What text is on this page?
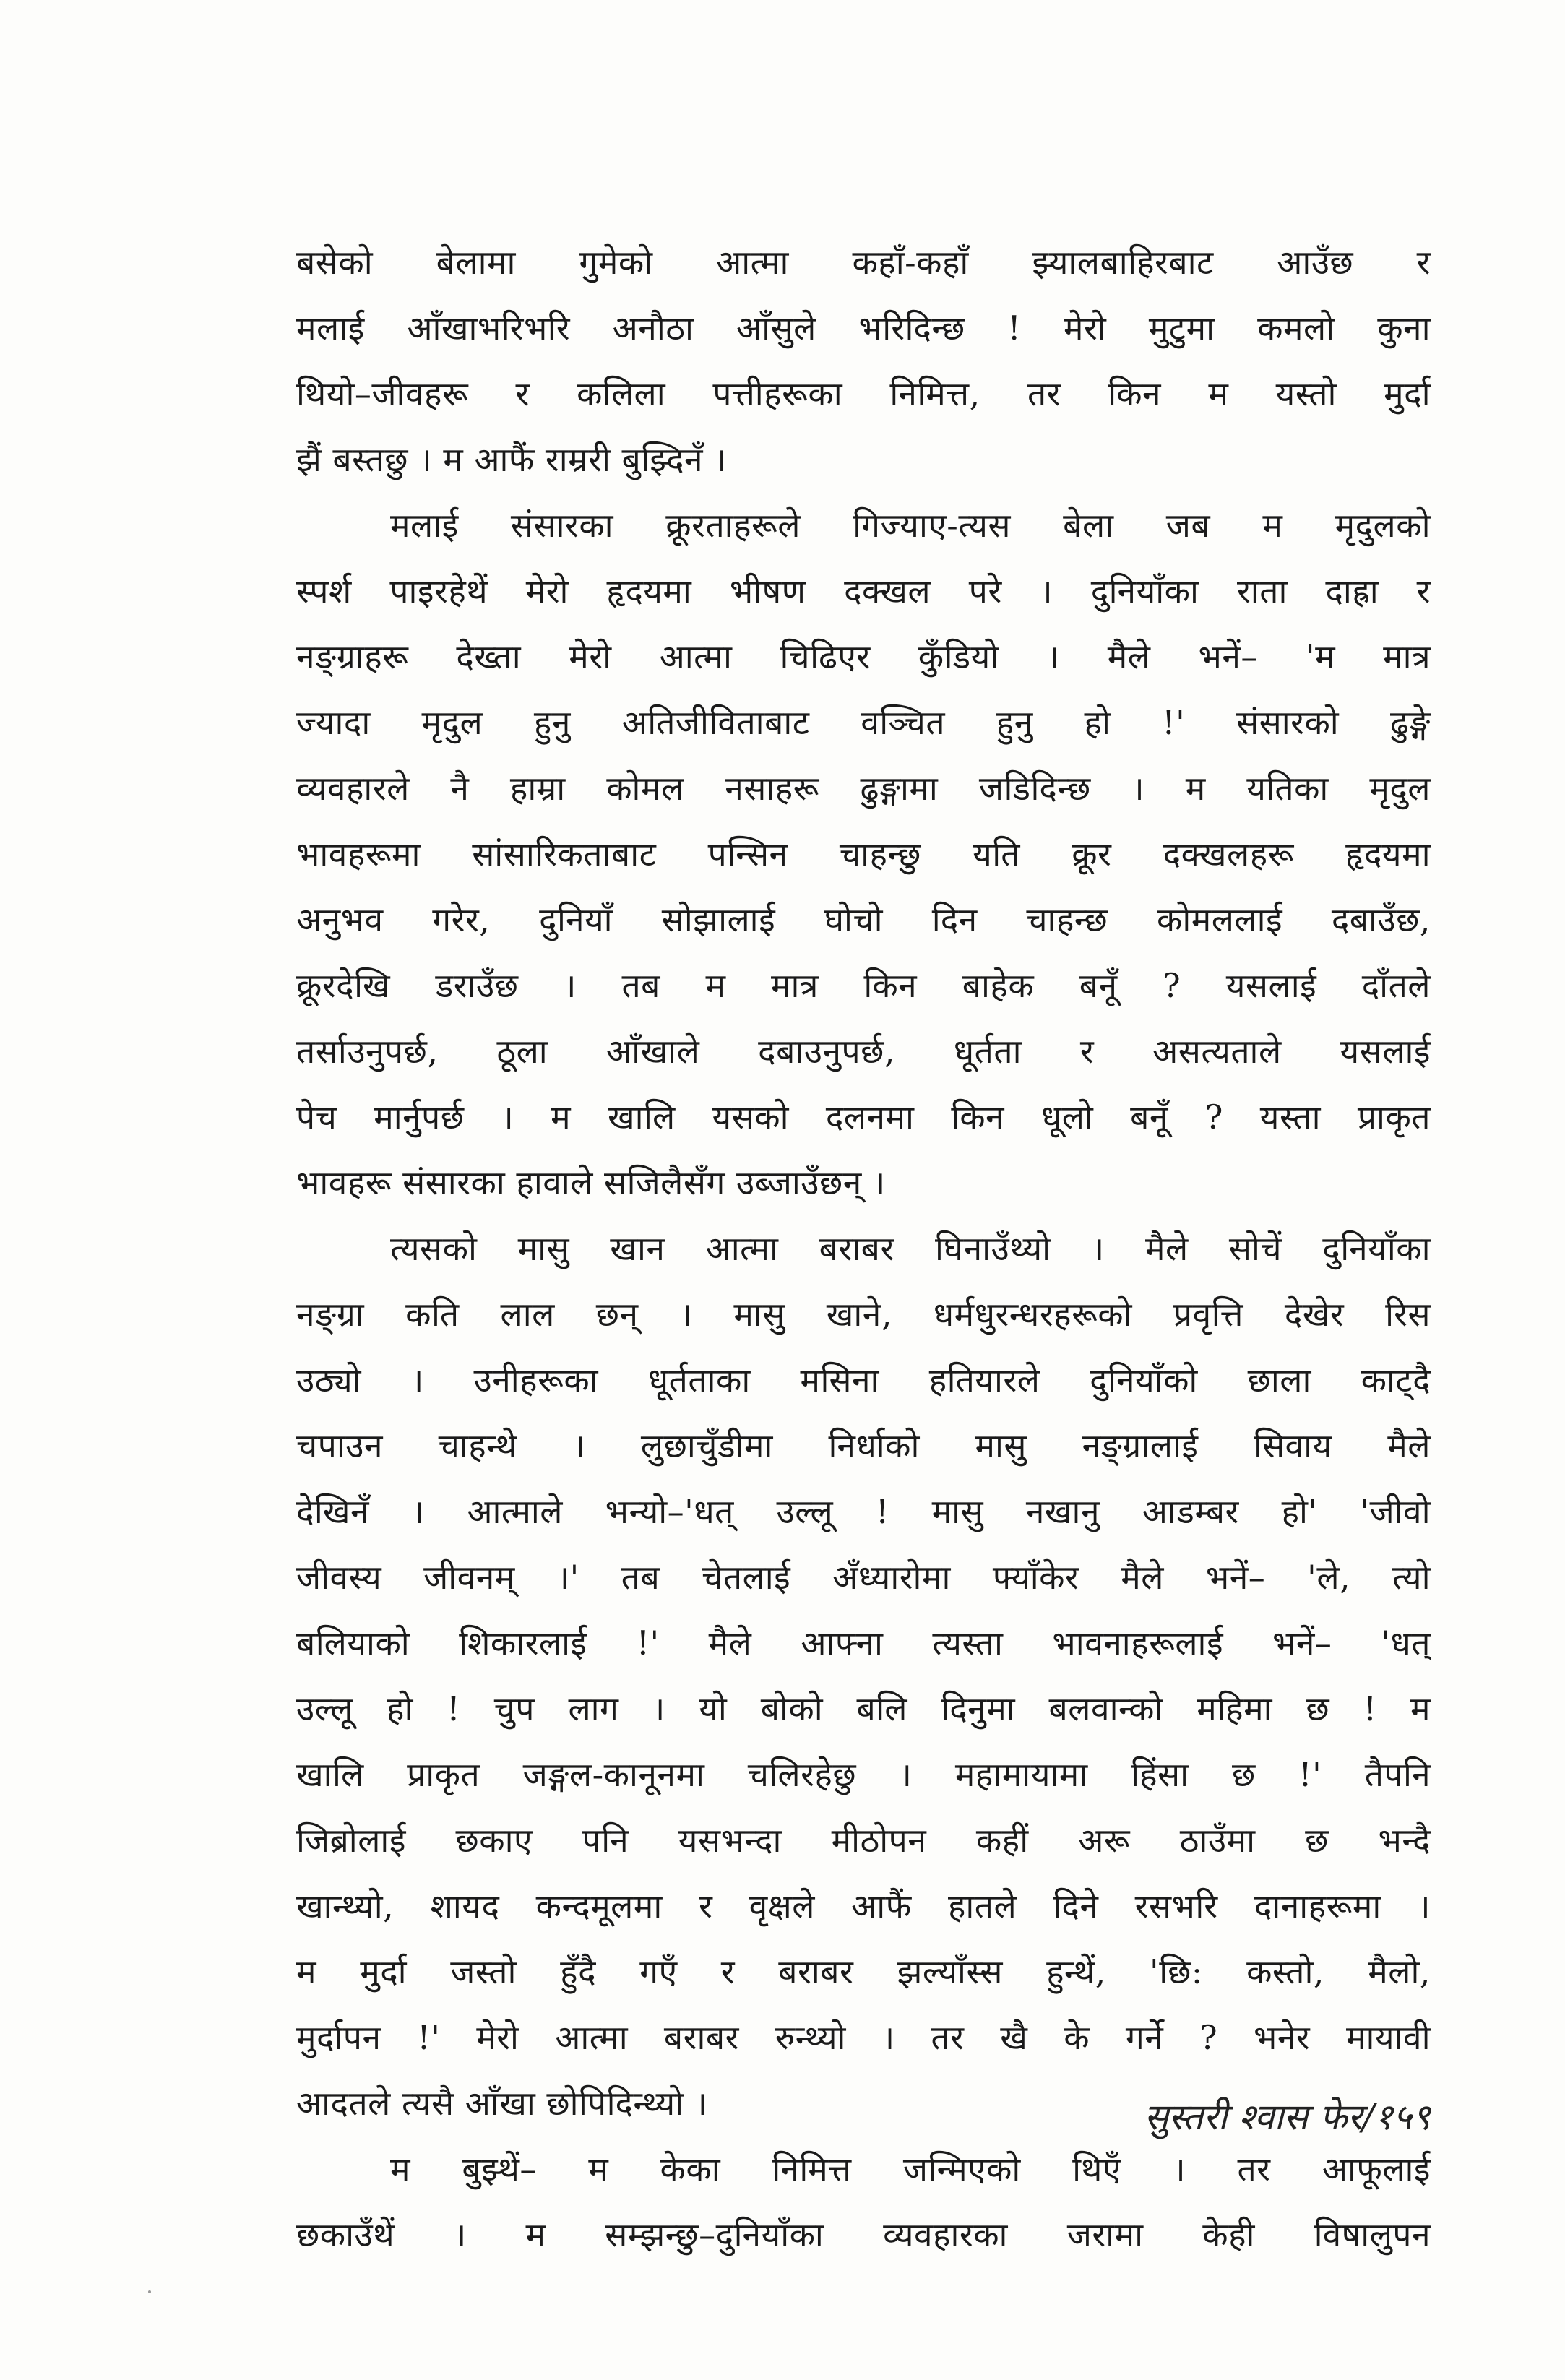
बसेको बेलामा गुमेको आत्मा कहाँ-कहाँ झ्यालबाहिरबाट आउँछ र
मलाई आँखाभरिभरि अनौठा आँसुले भरिदिन्छ ! मेरो मुटुमा कमलो कुना
थियो–जीवहरू र कलिला पत्तीहरूका निमित्त, तर किन म यस्तो मुर्दा
झैं बस्तछु । म आफैं राम्ररी बुझ्दिनँ ।
मलाई संसारका क्रूरताहरूले गिज्याए-त्यस बेला जब म मृदुलको
स्पर्श पाइरहेथें मेरो हृदयमा भीषण दक्खल परे । दुनियाँका राता दाह्रा र
नङ्ग्राहरू देख्ता मेरो आत्मा चिढिएर कुँडियो । मैले भनें– 'म मात्र
ज्यादा मृदुल हुनु अतिजीविताबाट वञ्चित हुनु हो !' संसारको ढुङ्गे
व्यवहारले नै हाम्रा कोमल नसाहरू ढुङ्गामा जडिदिन्छ । म यतिका मृदुल
भावहरूमा सांसारिकताबाट पन्सिन चाहन्छु यति क्रूर दक्खलहरू हृदयमा
अनुभव गरेर, दुनियाँ सोझालाई घोचो दिन चाहन्छ कोमललाई दबाउँछ,
क्रूरदेखि डराउँछ । तब म मात्र किन बाहेक बनूँ ? यसलाई दाँतले
तर्साउनुपर्छ, ठूला आँखाले दबाउनुपर्छ, धूर्तता र असत्यताले यसलाई
पेच मार्नुपर्छ । म खालि यसको दलनमा किन धूलो बनूँ ? यस्ता प्राकृत
भावहरू संसारका हावाले सजिलैसँग उब्जाउँछन् ।
त्यसको मासु खान आत्मा बराबर घिनाउँथ्यो । मैले सोचें दुनियाँका
नङ्ग्रा कति लाल छन् । मासु खाने, धर्मधुरन्धरहरूको प्रवृत्ति देखेर रिस
उठ्यो । उनीहरूका धूर्तताका मसिना हतियारले दुनियाँको छाला काट्दै
चपाउन चाहन्थे । लुछाचुँडीमा निर्धाको मासु नङ्ग्रालाई सिवाय मैले
देखिनँ । आत्माले भन्यो–'धत् उल्लू ! मासु नखानु आडम्बर हो' 'जीवो
जीवस्य जीवनम् ।' तब चेतलाई अँध्यारोमा फ्याँकेर मैले भनें– 'ले, त्यो
बलियाको शिकारलाई !' मैले आफ्ना त्यस्ता भावनाहरूलाई भनें– 'धत्
उल्लू हो ! चुप लाग । यो बोको बलि दिनुमा बलवान्को महिमा छ ! म
खालि प्राकृत जङ्गल-कानूनमा चलिरहेछु । महामायामा हिंसा छ !' तैपनि
जिब्रोलाई छकाए पनि यसभन्दा मीठोपन कहीं अरू ठाउँमा छ भन्दै
खान्थ्यो, शायद कन्दमूलमा र वृक्षले आफैं हातले दिने रसभरि दानाहरूमा ।
म मुर्दा जस्तो हुँदै गएँ र बराबर झल्याँस्स हुन्थें, 'छि: कस्तो, मैलो,
मुर्दापन !' मेरो आत्मा बराबर रुन्थ्यो । तर खै के गर्ने ? भनेर मायावी
आदतले त्यसै आँखा छोपिदिन्थ्यो ।
म बुझ्थें– म केका निमित्त जन्मिएको थिएँ । तर आफूलाई
छकाउँथें । म सम्झन्छु–दुनियाँका व्यवहारका जरामा केही विषालुपन
सुस्तरी श्वास फेर/१५९
